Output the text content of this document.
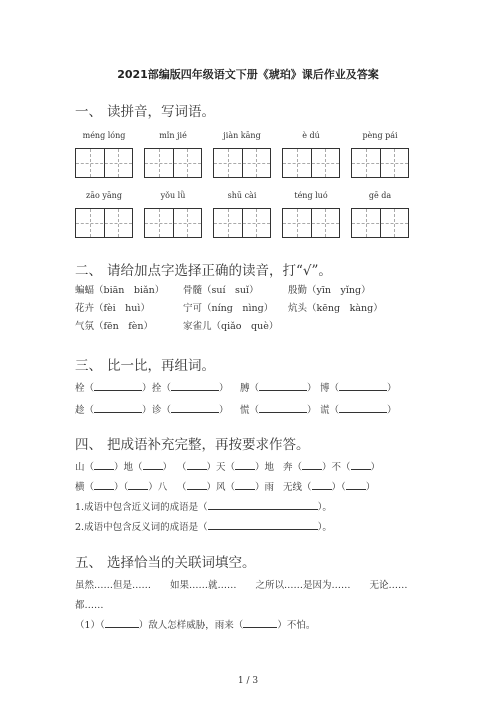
2021部编版四年级语文下册《琥珀》课后作业及答案
一、 读拼音，写词语。
méng lóng	mǐn jié	jiàn kāng	è dú	pèng pái
zāo yāng	yǒu lǜ	shū cài	téng luó	gē da
二、 请给加点字选择正确的读音，打“√”。
蝙蝠（biān　biǎn） 骨髓（suí　suǐ）	殷勤（yīn　yǐng）
花卉（fèi　huì）	宁可（níng　nìng） 炕头（kēng　kàng）
气氛（fēn　fèn）	家雀儿（qiǎo　què）
三、 比一比，再组词。
栓（	）拴（	） 膊（	） 博（	）
趁（	）诊（	） 慌（	） 谎（	）
四、 把成语补充完整，再按要求作答。
山（ ）地（ ） （ ）天（ ）地 奔（ ）不（ ）
横（ ）（ ）八 （ ）风（ ）雨 无线（ ）（ ）
1.成语中包含近义词的成语是（	）。
2.成语中包含反义词的成语是（	）。
五、 选择恰当的关联词填空。
虽然……但是……　　如果……就……　　之所以……是因为……　　无论……
都……
（1）（	）敌人怎样威胁，雨来（	）不怕。
1 / 3
